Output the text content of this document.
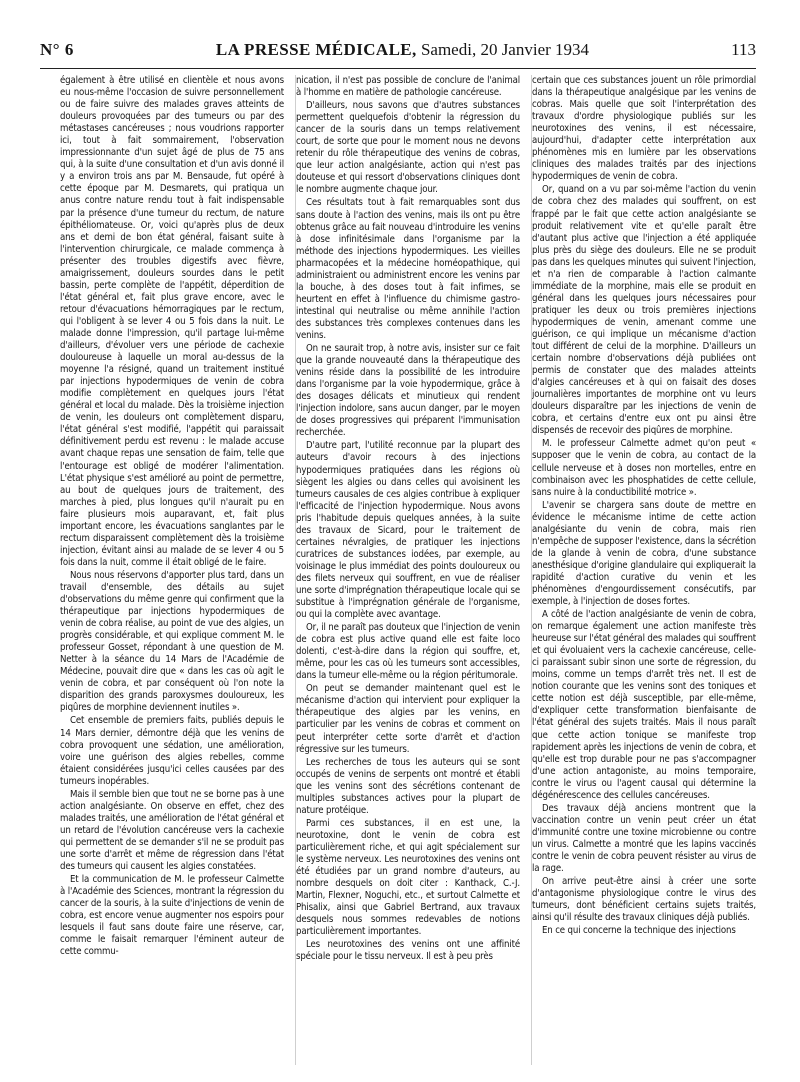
N° 6	LA PRESSE MÉDICALE, Samedi, 20 Janvier 1934	113

également à être utilisé en clientèle et nous avons eu nous-même l'occasion de suivre personnellement ou de faire suivre des malades graves atteints de douleurs provoquées par des tumeurs ou par des métastases cancéreuses ; nous voudrions rapporter ici, tout à fait sommairement, l'observation impressionnante d'un sujet âgé de plus de 75 ans qui, à la suite d'une consultation et d'un avis donné il y a environ trois ans par M. Bensaude, fut opéré à cette époque par M. Desmarets, qui pratiqua un anus contre nature rendu tout à fait indispensable par la présence d'une tumeur du rectum, de nature épithéliomateuse. Or, voici qu'après plus de deux ans et demi de bon état général, faisant suite à l'intervention chirurgicale, ce malade commença à présenter des troubles digestifs avec fièvre, amaigrissement, douleurs sourdes dans le petit bassin, perte complète de l'appétit, déperdition de l'état général et, fait plus grave encore, avec le retour d'évacuations hémorragiques par le rectum, qui l'obligent à se lever 4 ou 5 fois dans la nuit. Le malade donne l'impression, qu'il partage lui-même d'ailleurs, d'évoluer vers une période de cachexie douloureuse à laquelle un moral au-dessus de la moyenne l'a résigné, quand un traitement institué par injections hypodermiques de venin de cobra modifie complètement en quelques jours l'état général et local du malade. Dès la troisième injection de venin, les douleurs ont complètement disparu, l'état général s'est modifié, l'appétit qui paraissait définitivement perdu est revenu : le malade accuse avant chaque repas une sensation de faim, telle que l'entourage est obligé de modérer l'alimentation. L'état physique s'est amélioré au point de permettre, au bout de quelques jours de traitement, des marches à pied, plus longues qu'il n'aurait pu en faire plusieurs mois auparavant, et, fait plus important encore, les évacuations sanglantes par le rectum disparaissent complètement dès la troisième injection, évitant ainsi au malade de se lever 4 ou 5 fois dans la nuit, comme il était obligé de le faire.

Nous nous réservons d'apporter plus tard, dans un travail d'ensemble, des détails au sujet d'observations du même genre qui confirment que la thérapeutique par injections hypodermiques de venin de cobra réalise, au point de vue des algies, un progrès considérable, et qui explique comment M. le professeur Gosset, répondant à une question de M. Netter à la séance du 14 Mars de l'Académie de Médecine, pouvait dire que « dans les cas où agit le venin de cobra, et par conséquent où l'on note la disparition des grands paroxysmes douloureux, les piqûres de morphine deviennent inutiles ».

Cet ensemble de premiers faits, publiés depuis le 14 Mars dernier, démontre déjà que les venins de cobra provoquent une sédation, une amélioration, voire une guérison des algies rebelles, comme étaient considérées jusqu'ici celles causées par des tumeurs inopérables.

Mais il semble bien que tout ne se borne pas à une action analgésiante. On observe en effet, chez des malades traités, une amélioration de l'état général et un retard de l'évolution cancéreuse vers la cachexie qui permettent de se demander s'il ne se produit pas une sorte d'arrêt et même de régression dans l'état des tumeurs qui causent les algies constatées.

Et la communication de M. le professeur Calmette à l'Académie des Sciences, montrant la régression du cancer de la souris, à la suite d'injections de venin de cobra, est encore venue augmenter nos espoirs pour lesquels il faut sans doute faire une réserve, car, comme le faisait remarquer l'éminent auteur de cette commu-

nication, il n'est pas possible de conclure de l'animal à l'homme en matière de pathologie cancéreuse.

D'ailleurs, nous savons que d'autres substances permettent quelquefois d'obtenir la régression du cancer de la souris dans un temps relativement court, de sorte que pour le moment nous ne devons retenir du rôle thérapeutique des venins de cobras, que leur action analgésiante, action qui n'est pas douteuse et qui ressort d'observations cliniques dont le nombre augmente chaque jour.

Ces résultats tout à fait remarquables sont dus sans doute à l'action des venins, mais ils ont pu être obtenus grâce au fait nouveau d'introduire les venins à dose infinitésimale dans l'organisme par la méthode des injections hypodermiques. Les vieilles pharmacopées et la médecine homéopathique, qui administraient ou administrent encore les venins par la bouche, à des doses tout à fait infimes, se heurtent en effet à l'influence du chimisme gastro-intestinal qui neutralise ou même annihile l'action des substances très complexes contenues dans les venins.

On ne saurait trop, à notre avis, insister sur ce fait que la grande nouveauté dans la thérapeutique des venins réside dans la possibilité de les introduire dans l'organisme par la voie hypodermique, grâce à des dosages délicats et minutieux qui rendent l'injection indolore, sans aucun danger, par le moyen de doses progressives qui préparent l'immunisation recherchée.

D'autre part, l'utilité reconnue par la plupart des auteurs d'avoir recours à des injections hypodermiques pratiquées dans les régions où siègent les algies ou dans celles qui avoisinent les tumeurs causales de ces algies contribue à expliquer l'efficacité de l'injection hypodermique. Nous avons pris l'habitude depuis quelques années, à la suite des travaux de Sicard, pour le traitement de certaines névralgies, de pratiquer les injections curatrices de substances iodées, par exemple, au voisinage le plus immédiat des points douloureux ou des filets nerveux qui souffrent, en vue de réaliser une sorte d'imprégnation thérapeutique locale qui se substitue à l'imprégnation générale de l'organisme, ou qui la complète avec avantage.

Or, il ne paraît pas douteux que l'injection de venin de cobra est plus active quand elle est faite loco dolenti, c'est-à-dire dans la région qui souffre, et, même, pour les cas où les tumeurs sont accessibles, dans la tumeur elle-même ou la région péritumorale.

On peut se demander maintenant quel est le mécanisme d'action qui intervient pour expliquer la thérapeutique des algies par les venins, en particulier par les venins de cobras et comment on peut interpréter cette sorte d'arrêt et d'action régressive sur les tumeurs.

Les recherches de tous les auteurs qui se sont occupés de venins de serpents ont montré et établi que les venins sont des sécrétions contenant de multiples substances actives pour la plupart de nature protéique.

Parmi ces substances, il en est une, la neurotoxine, dont le venin de cobra est particulièrement riche, et qui agit spécialement sur le système nerveux. Les neurotoxines des venins ont été étudiées par un grand nombre d'auteurs, au nombre desquels on doit citer : Kanthack, C.-J. Martin, Flexner, Noguchi, etc., et surtout Calmette et Phisalix, ainsi que Gabriel Bertrand, aux travaux desquels nous sommes redevables de notions particulièrement importantes.

Les neurotoxines des venins ont une affinité spéciale pour le tissu nerveux. Il est à peu près

certain que ces substances jouent un rôle primordial dans la thérapeutique analgésique par les venins de cobras. Mais quelle que soit l'interprétation des travaux d'ordre physiologique publiés sur les neurotoxines des venins, il est nécessaire, aujourd'hui, d'adapter cette interprétation aux phénomènes mis en lumière par les observations cliniques des malades traités par des injections hypodermiques de venin de cobra.

Or, quand on a vu par soi-même l'action du venin de cobra chez des malades qui souffrent, on est frappé par le fait que cette action analgésiante se produit relativement vite et qu'elle paraît être d'autant plus active que l'injection a été appliquée plus près du siège des douleurs. Elle ne se produit pas dans les quelques minutes qui suivent l'injection, et n'a rien de comparable à l'action calmante immédiate de la morphine, mais elle se produit en général dans les quelques jours nécessaires pour pratiquer les deux ou trois premières injections hypodermiques de venin, amenant comme une guérison, ce qui implique un mécanisme d'action tout différent de celui de la morphine. D'ailleurs un certain nombre d'observations déjà publiées ont permis de constater que des malades atteints d'algies cancéreuses et à qui on faisait des doses journalières importantes de morphine ont vu leurs douleurs disparaître par les injections de venin de cobra, et certains d'entre eux ont pu ainsi être dispensés de recevoir des piqûres de morphine.

M. le professeur Calmette admet qu'on peut « supposer que le venin de cobra, au contact de la cellule nerveuse et à doses non mortelles, entre en combinaison avec les phosphatides de cette cellule, sans nuire à la conductibilité motrice ».

L'avenir se chargera sans doute de mettre en évidence le mécanisme intime de cette action analgésiante du venin de cobra, mais rien n'empêche de supposer l'existence, dans la sécrétion de la glande à venin de cobra, d'une substance anesthésique d'origine glandulaire qui expliquerait la rapidité d'action curative du venin et les phénomènes d'engourdissement consécutifs, par exemple, à l'injection de doses fortes.

A côté de l'action analgésiante de venin de cobra, on remarque également une action manifeste très heureuse sur l'état général des malades qui souffrent et qui évoluaient vers la cachexie cancéreuse, celle-ci paraissant subir sinon une sorte de régression, du moins, comme un temps d'arrêt très net. Il est de notion courante que les venins sont des toniques et cette notion est déjà susceptible, par elle-même, d'expliquer cette transformation bienfaisante de l'état général des sujets traités. Mais il nous paraît que cette action tonique se manifeste trop rapidement après les injections de venin de cobra, et qu'elle est trop durable pour ne pas s'accompagner d'une action antagoniste, au moins temporaire, contre le virus ou l'agent causal qui détermine la dégénérescence des cellules cancéreuses.

Des travaux déjà anciens montrent que la vaccination contre un venin peut créer un état d'immunité contre une toxine microbienne ou contre un virus. Calmette a montré que les lapins vaccinés contre le venin de cobra peuvent résister au virus de la rage.

On arrive peut-être ainsi à créer une sorte d'antagonisme physiologique contre le virus des tumeurs, dont bénéficient certains sujets traités, ainsi qu'il résulte des travaux cliniques déjà publiés.

En ce qui concerne la technique des injections
